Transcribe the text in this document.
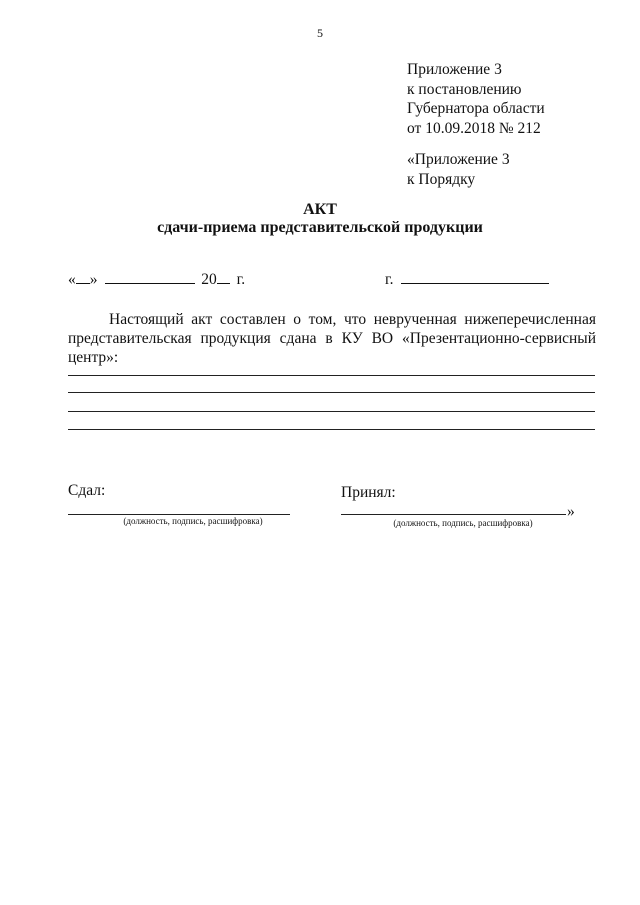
5
Приложение 3
к постановлению
Губернатора области
от 10.09.2018 № 212
«Приложение 3
к Порядку
АКТ
сдачи-приема представительской продукции
« »	20 г.	г.
Настоящий акт составлен о том, что неврученная нижеперечисленная
представительская продукция сдана в КУ ВО «Презентационно-сервисный
центр»:
Сдал:	Принял:
»
(должность, подпись, расшифровка)	(должность, подпись, расшифровка)
